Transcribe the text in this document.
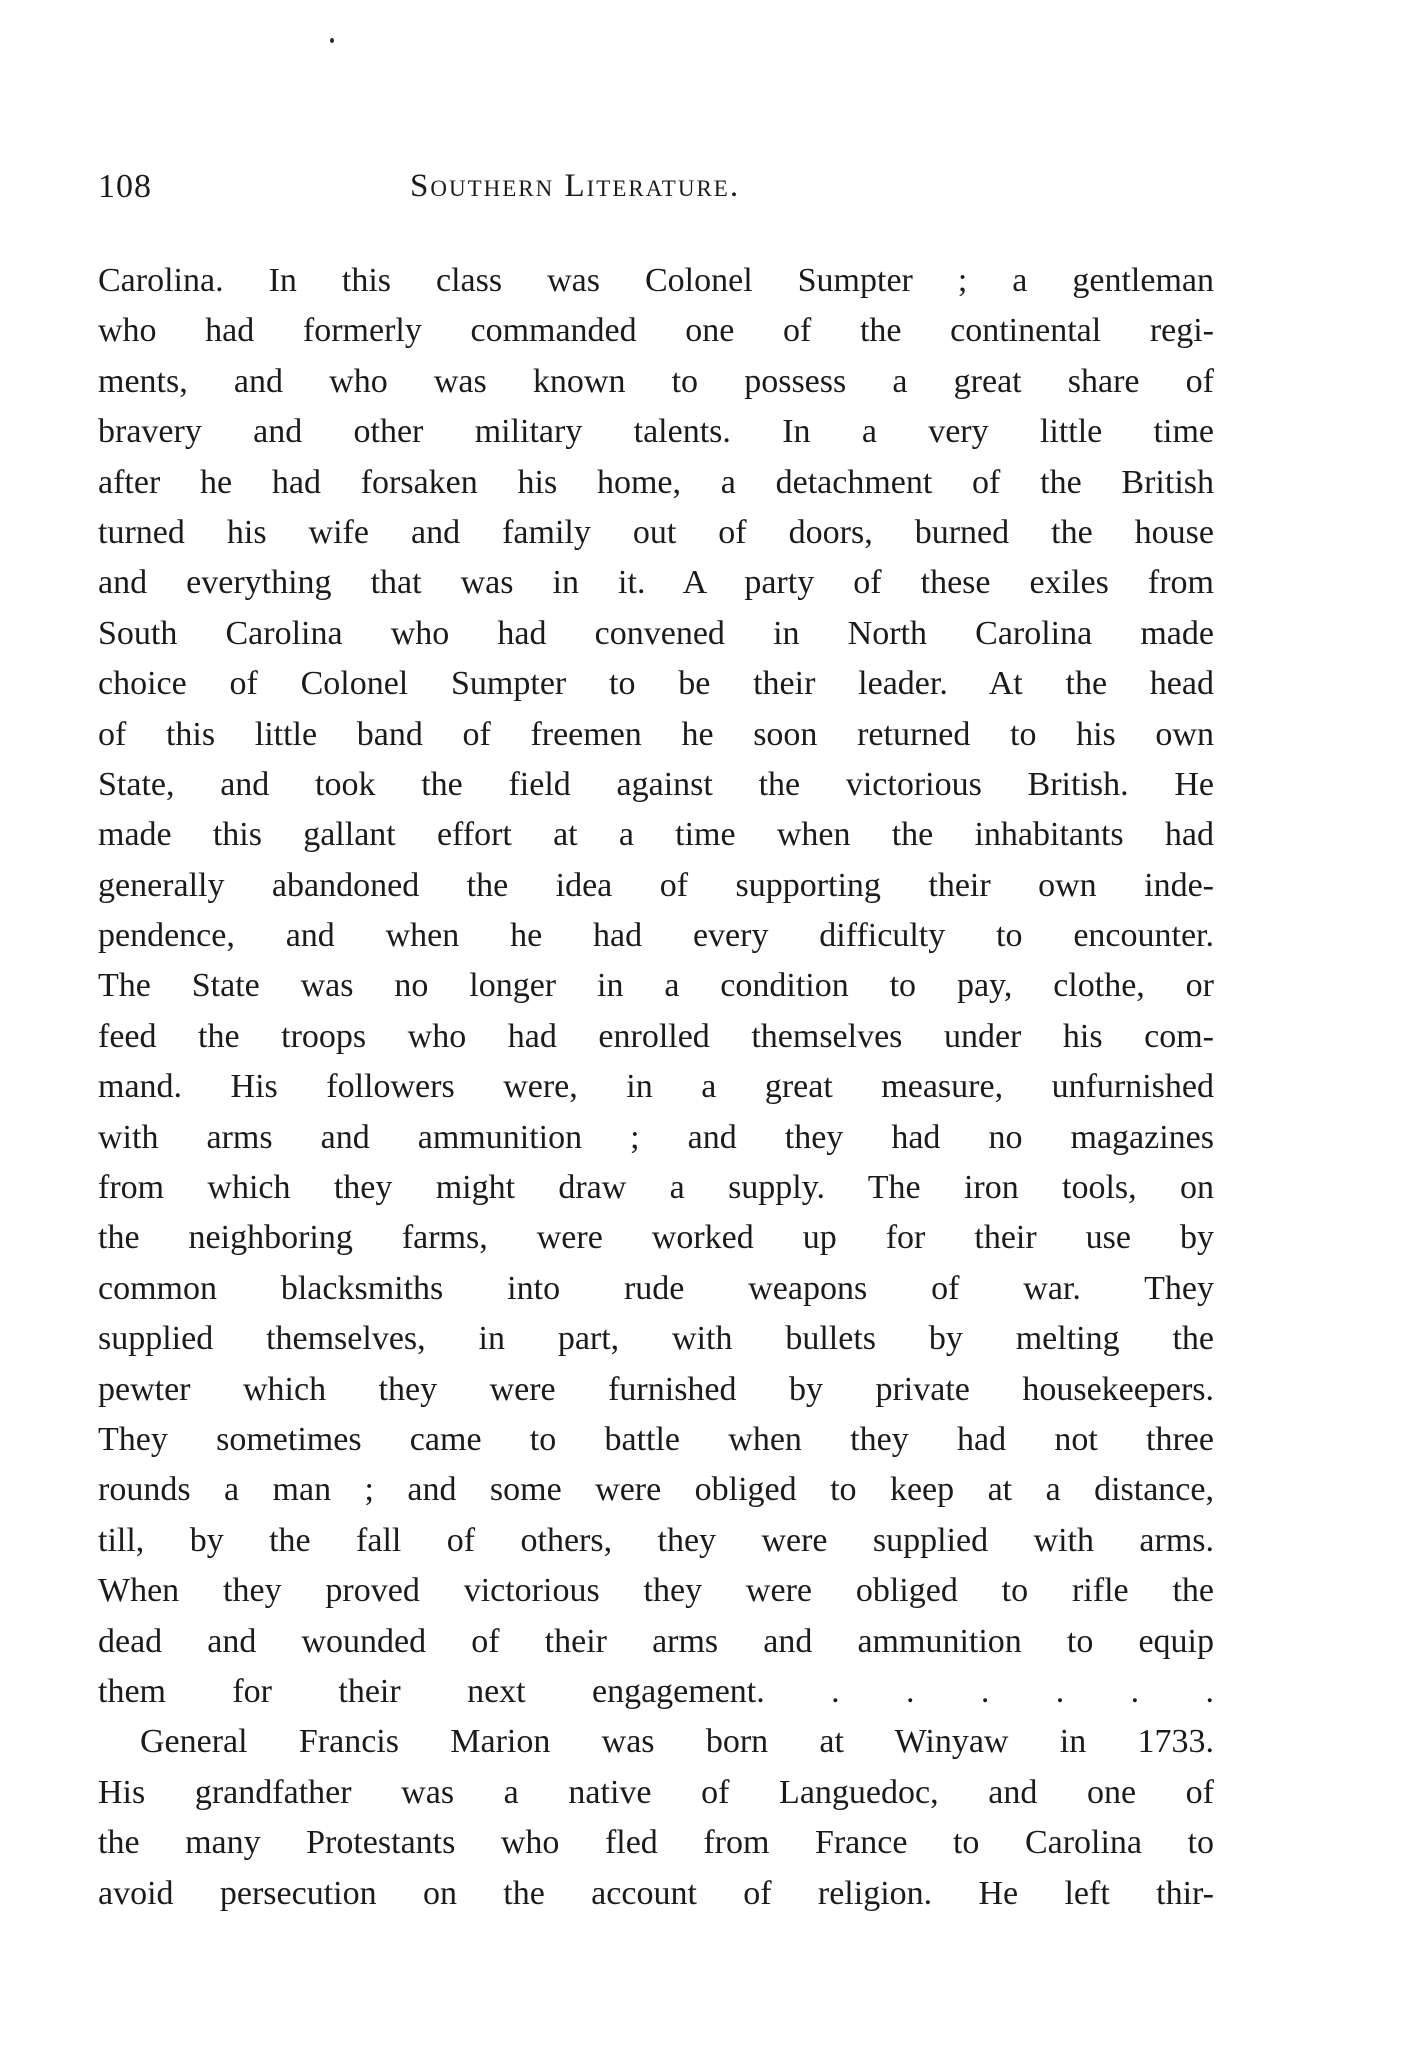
108	Southern Literature.
Carolina. In this class was Colonel Sumpter ; a gentleman
who had formerly commanded one of the continental regi-
ments, and who was known to possess a great share of
bravery and other military talents. In a very little time
after he had forsaken his home, a detachment of the British
turned his wife and family out of doors, burned the house
and everything that was in it. A party of these exiles from
South Carolina who had convened in North Carolina made
choice of Colonel Sumpter to be their leader. At the head
of this little band of freemen he soon returned to his own
State, and took the field against the victorious British. He
made this gallant effort at a time when the inhabitants had
generally abandoned the idea of supporting their own inde-
pendence, and when he had every difficulty to encounter.
The State was no longer in a condition to pay, clothe, or
feed the troops who had enrolled themselves under his com-
mand. His followers were, in a great measure, unfurnished
with arms and ammunition ; and they had no magazines
from which they might draw a supply. The iron tools, on
the neighboring farms, were worked up for their use by
common blacksmiths into rude weapons of war. They
supplied themselves, in part, with bullets by melting the
pewter which they were furnished by private housekeepers.
They sometimes came to battle when they had not three
rounds a man ; and some were obliged to keep at a distance,
till, by the fall of others, they were supplied with arms.
When they proved victorious they were obliged to rifle the
dead and wounded of their arms and ammunition to equip
them for their next engagement. . . . . . .
General Francis Marion was born at Winyaw in 1733.
His grandfather was a native of Languedoc, and one of
the many Protestants who fled from France to Carolina to
avoid persecution on the account of religion. He left thir-
